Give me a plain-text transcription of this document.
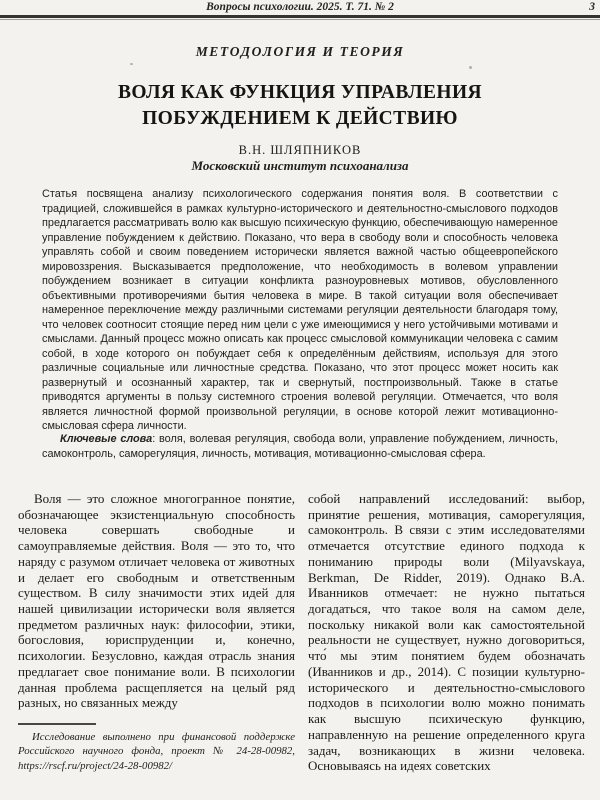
Вопросы психологии. 2025. Т. 71. № 2	3
МЕТОДОЛОГИЯ И ТЕОРИЯ
ВОЛЯ КАК ФУНКЦИЯ УПРАВЛЕНИЯ
ПОБУЖДЕНИЕМ К ДЕЙСТВИЮ
В.Н. ШЛЯПНИКОВ
Московский институт психоанализа
Статья посвящена анализу психологического содержания понятия воля. В соответствии с традицией, сложившейся в рамках культурно-исторического и деятельностно-смыслового подходов предлагается рассматривать волю как высшую психическую функцию, обеспечивающую намеренное управление побуждением к действию. Показано, что вера в свободу воли и способность человека управлять собой и своим поведением исторически является важной частью общеевропейского мировоззрения. Высказывается предположение, что необходимость в волевом управлении побуждением возникает в ситуации конфликта разноуровневых мотивов, обусловленного объективными противоречиями бытия человека в мире. В такой ситуации воля обеспечивает намеренное переключение между различными системами регуляции деятельности благодаря тому, что человек соотносит стоящие перед ним цели с уже имеющимися у него устойчивыми мотивами и смыслами. Данный процесс можно описать как процесс смысловой коммуникации человека с самим собой, в ходе которого он побуждает себя к определённым действиям, используя для этого различные социальные или личностные средства. Показано, что этот процесс может носить как развернутый и осознанный характер, так и свернутый, постпроизвольный. Также в статье приводятся аргументы в пользу системного строения волевой регуляции. Отмечается, что воля является личностной формой произвольной регуляции, в основе которой лежит мотивационно-смысловая сфера личности.
Ключевые слова: воля, волевая регуляция, свобода воли, управление побуждением, личность, самоконтроль, саморегуляция, личность, мотивация, мотивационно-смысловая сфера.

Воля — это сложное многогранное понятие, обозначающее экзистенциальную способность человека совершать свободные и самоуправляемые действия. Воля — это то, что наряду с разумом отличает человека от животных и делает его свободным и ответственным существом. В силу значимости этих идей для нашей цивилизации исторически воля является предметом различных наук: философии, этики, богословия, юриспруденции и, конечно, психологии. Безусловно, каждая отрасль знания предлагает свое понимание воли. В психологии данная проблема расщепляется на целый ряд разных, но связанных между

Исследование выполнено при финансовой поддержке Российского научного фонда, проект № 24-28-00982, https://rscf.ru/project/24-28-00982/

собой направлений исследований: выбор, принятие решения, мотивация, саморегуляция, самоконтроль. В связи с этим исследователями отмечается отсутствие единого подхода к пониманию природы воли (Milyavskaya, Berkman, De Ridder, 2019). Однако В.А. Иванников отмечает: не нужно пытаться догадаться, что такое воля на самом деле, поскольку никакой воли как самостоятельной реальности не существует, нужно договориться, что́ мы этим понятием будем обозначать (Иванников и др., 2014). С позиции культурно-исторического и деятельностно-смыслового подходов в психологии волю можно понимать как высшую психическую функцию, направленную на решение определенного круга задач, возникающих в жизни человека. Основываясь на идеях советских
